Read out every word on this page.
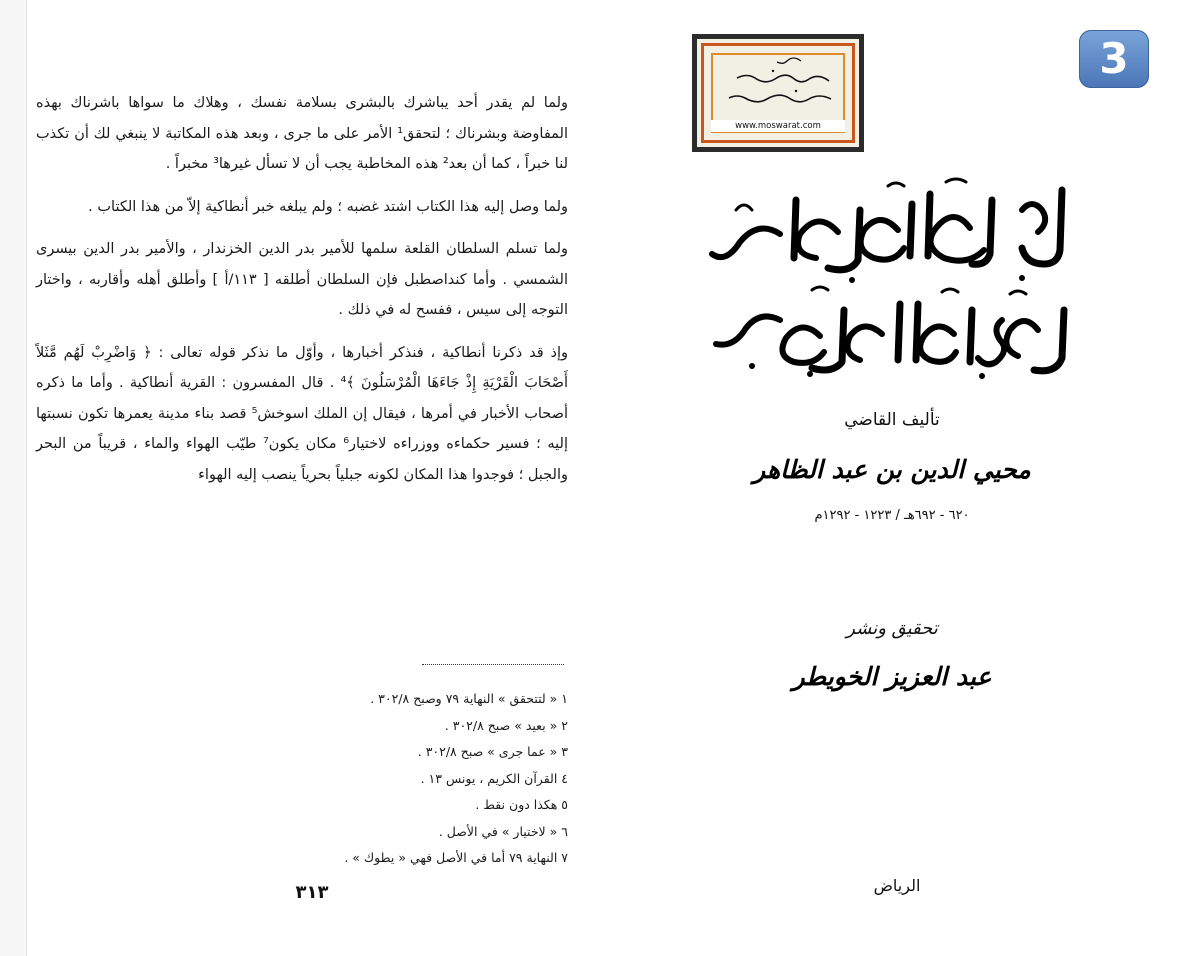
ولما لم يقدر أحد يباشرك بالبشرى بسلامة نفسك ، وهلاك ما سواها باشرناك بهذه المفاوضة وبشرناك ؛ لتحقق¹ الأمر على ما جرى ، وبعد هذه المكاتبة لا ينبغي لك أن تكذب لنا خبراً ، كما أن بعد² هذه المخاطبة يجب أن لا تسأل غيرها³ مخبراً .

ولما وصل إليه هذا الكتاب اشتد غضبه ؛ ولم يبلغه خبر أنطاكية إلاّ من هذا الكتاب .

ولما تسلم السلطان القلعة سلمها للأمير بدر الدين الخزندار ، والأمير بدر الدين بيسرى الشمسي . وأما كنداصطبل فإن السلطان أطلقه [ ١١٣/أ ] وأطلق أهله وأقاربه ، واختار التوجه إلى سيس ، ففسح له في ذلك .

وإذ قد ذكرنا أنطاكية ، فنذكر أخبارها ، وأوّل ما نذكر قوله تعالى : ﴿ وَاضْرِبْ لَهُم مَّثَلاً أَصْحَابَ الْقَرْيَةِ إِذْ جَاءَهَا الْمُرْسَلُونَ ﴾⁴ . قال المفسرون : القرية أنطاكية . وأما ما ذكره أصحاب الأخبار في أمرها ، فيقال إن الملك اسوخش⁵ قصد بناء مدينة يعمرها تكون نسبتها إليه ؛ فسير حكماءه ووزراءه لاختيار⁶ مكان يكون⁷ طيّب الهواء والماء ، قريباً من البحر والجبل ؛ فوجدوا هذا المكان لكونه جبلياً بحرياً ينصب إليه الهواء

١ « لتتحقق » النهاية ٧٩ وصبح ٣٠٢/٨ .
٢ « بعيد » صبح ٣٠٢/٨ .
٣ « عما جرى » صبح ٣٠٢/٨ .
٤ القرآن الكريم ، يونس ١٣ .
٥ هكذا دون نقط .
٦ « لاختيار » في الأصل .
٧ النهاية ٧٩ أما في الأصل فهي « يطوك » .
٣١٣
www.moswarat.com
3
تأليف القاضي
محيي الدين بن عبد الظاهر
٦٢٠ - ٦٩٢هـ / ١٢٢٣ - ١٢٩٢م
تحقيق ونشر
عبد العزيز الخويطر
الرياض
